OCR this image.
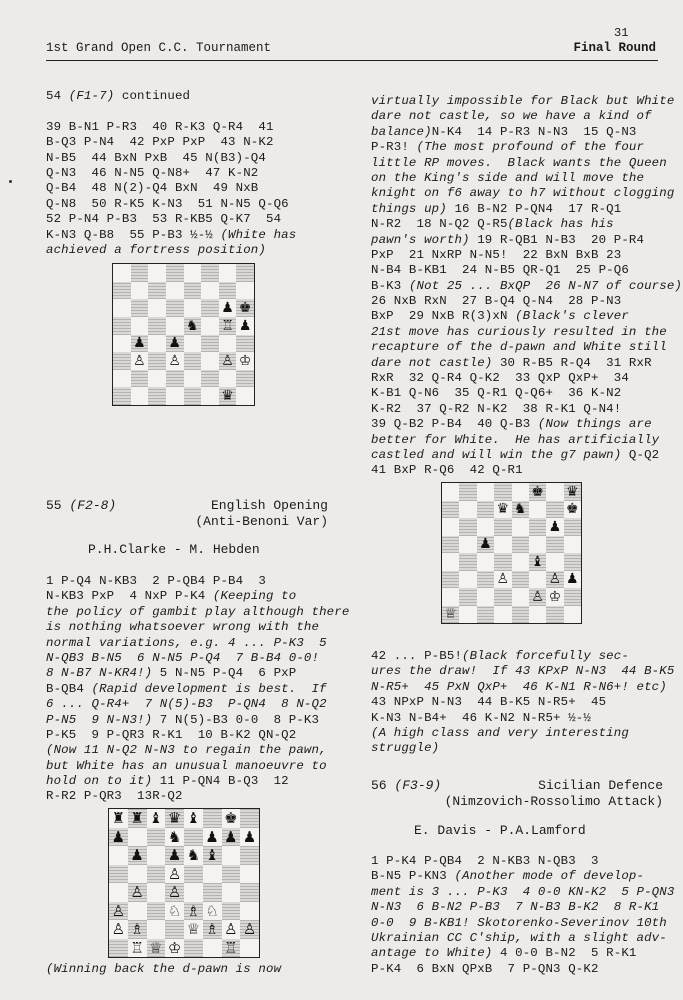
31
1st Grand Open C.C. Tournament	Final Round
54 (F1-7) continued
39 B-N1 P-R3  40 R-K3 Q-R4  41
B-Q3 P-N4  42 PxP PxP  43 N-K2
N-B5  44 BxN PxB  45 N(B3)-Q4
Q-N3  46 N-N5 Q-N8+  47 K-N2
Q-B4  48 N(2)-Q4 BxN  49 NxB
Q-N8  50 R-K5 K-N3  51 N-N5 Q-Q6
52 P-N4 P-B3  53 R-KB5 Q-K7  54
K-N3 Q-B8  55 P-B3 ½-½ (White has
achieved a fortress position)
♟ ♚
♞ ♖ ♟
♟ ♟
♙ ♙	♙ ♔
♛
55 (F2-8)	English Opening
(Anti-Benoni Var)
P.H.Clarke - M. Hebden
1 P-Q4 N-KB3  2 P-QB4 P-B4  3
N-KB3 PxP  4 NxP P-K4 (Keeping to
the policy of gambit play although there
is nothing whatsoever wrong with the
normal variations, e.g. 4 ... P-K3  5
N-QB3 B-N5  6 N-N5 P-Q4  7 B-B4 0-0!
8 N-B7 N-KR4!) 5 N-N5 P-Q4  6 PxP
B-QB4 (Rapid development is best.  If
6 ... Q-R4+  7 N(5)-B3  P-QN4  8 N-Q2
P-N5  9 N-N3!) 7 N(5)-B3 0-0  8 P-K3
P-K5  9 P-QR3 R-K1  10 B-K2 QN-Q2
(Now 11 N-Q2 N-N3 to regain the pawn,
but White has an unusual manoeuvre to
hold on to it) 11 P-QN4 B-Q3  12
R-R2 P-QR3  13R-Q2
♜ ♜ ♝ ♛ ♝ ♚
♟	♞ ♟ ♟ ♟
♟ ♟ ♞ ♝
♙
♙ ♙
♙	♘ ♗ ♘
♙ ♗	♕ ♗ ♙ ♙
♖ ♕ ♔	♖
(Winning back the d-pawn is now
virtually impossible for Black but White
dare not castle, so we have a kind of
balance)N-K4  14 P-R3 N-N3  15 Q-N3
P-R3! (The most profound of the four
little RP moves.  Black wants the Queen
on the King's side and will move the
knight on f6 away to h7 without clogging
things up) 16 B-N2 P-QN4  17 R-Q1
N-R2  18 N-Q2 Q-R5(Black has his
pawn's worth) 19 R-QB1 N-B3  20 P-R4
PxP  21 NxRP N-N5!  22 BxN BxB 23
N-B4 B-KB1  24 N-B5 QR-Q1  25 P-Q6
B-K3 (Not 25 ... BxQP  26 N-N7 of course)
26 NxB RxN  27 B-Q4 Q-N4  28 P-N3
BxP  29 NxB R(3)xN (Black's clever
21st move has curiously resulted in the
recapture of the d-pawn and White still
dare not castle) 30 R-B5 R-Q4  31 RxR
RxR  32 Q-R4 Q-K2  33 QxP QxP+  34
K-B1 Q-N6  35 Q-R1 Q-Q6+  36 K-N2
K-R2  37 Q-R2 N-K2  38 R-K1 Q-N4!
39 Q-B2 P-B4  40 Q-B3 (Now things are
better for White.  He has artificially
castled and will win the g7 pawn) Q-Q2
41 BxP R-Q6  42 Q-R1
♚ ♛
♛ ♞	♚
♟
♟
♝
♙	♙ ♟
♙ ♔
♕
42 ... P-B5!(Black forcefully sec-
ures the draw!  If 43 KPxP N-N3  44 B-K5
N-R5+  45 PxN QxP+  46 K-N1 R-N6+! etc)
43 NPxP N-N3  44 B-K5 N-R5+  45
K-N3 N-B4+  46 K-N2 N-R5+ ½-½
(A high class and very interesting
struggle)
56 (F3-9)	Sicilian Defence
(Nimzovich-Rossolimo Attack)
E. Davis - P.A.Lamford
1 P-K4 P-QB4  2 N-KB3 N-QB3  3
B-N5 P-KN3 (Another mode of develop-
ment is 3 ... P-K3  4 0-0 KN-K2  5 P-QN3
N-N3  6 B-N2 P-B3  7 N-B3 B-K2  8 R-K1
0-0  9 B-KB1! Skotorenko-Severinov 10th
Ukrainian CC C'ship, with a slight adv-
antage to White) 4 0-0 B-N2  5 R-K1
P-K4  6 BxN QPxB  7 P-QN3 Q-K2
